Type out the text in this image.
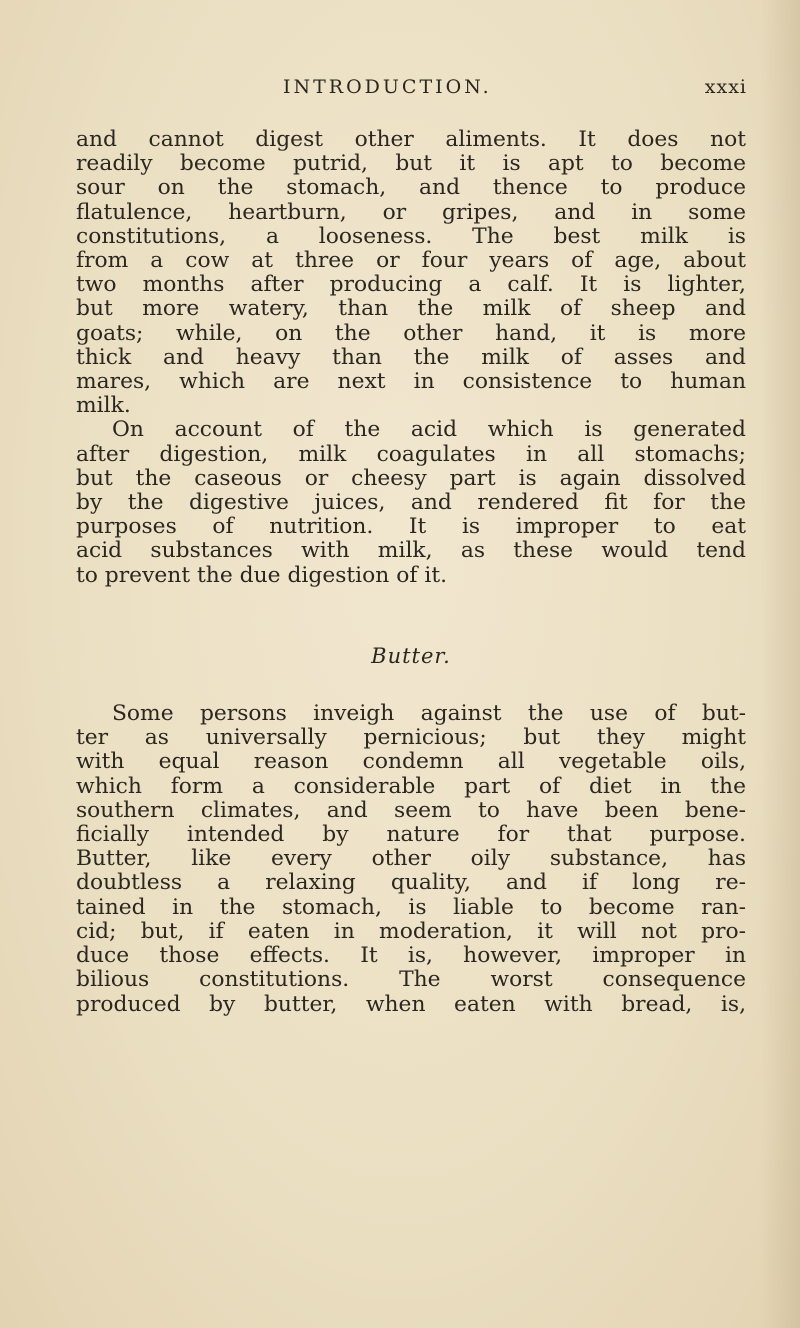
INTRODUCTION.	xxxi
and cannot digest other aliments. It does not
readily become putrid, but it is apt to become
sour on the stomach, and thence to produce
flatulence, heartburn, or gripes, and in some
constitutions, a looseness. The best milk is
from a cow at three or four years of age, about
two months after producing a calf. It is lighter,
but more watery, than the milk of sheep and
goats; while, on the other hand, it is more
thick and heavy than the milk of asses and
mares, which are next in consistence to human
milk.
On account of the acid which is generated
after digestion, milk coagulates in all stomachs;
but the caseous or cheesy part is again dissolved
by the digestive juices, and rendered fit for the
purposes of nutrition. It is improper to eat
acid substances with milk, as these would tend
to prevent the due digestion of it.
Butter.
Some persons inveigh against the use of but-
ter as universally pernicious; but they might
with equal reason condemn all vegetable oils,
which form a considerable part of diet in the
southern climates, and seem to have been bene-
ficially intended by nature for that purpose.
Butter, like every other oily substance, has
doubtless a relaxing quality, and if long re-
tained in the stomach, is liable to become ran-
cid; but, if eaten in moderation, it will not pro-
duce those effects. It is, however, improper in
bilious constitutions. The worst consequence
produced by butter, when eaten with bread, is,
